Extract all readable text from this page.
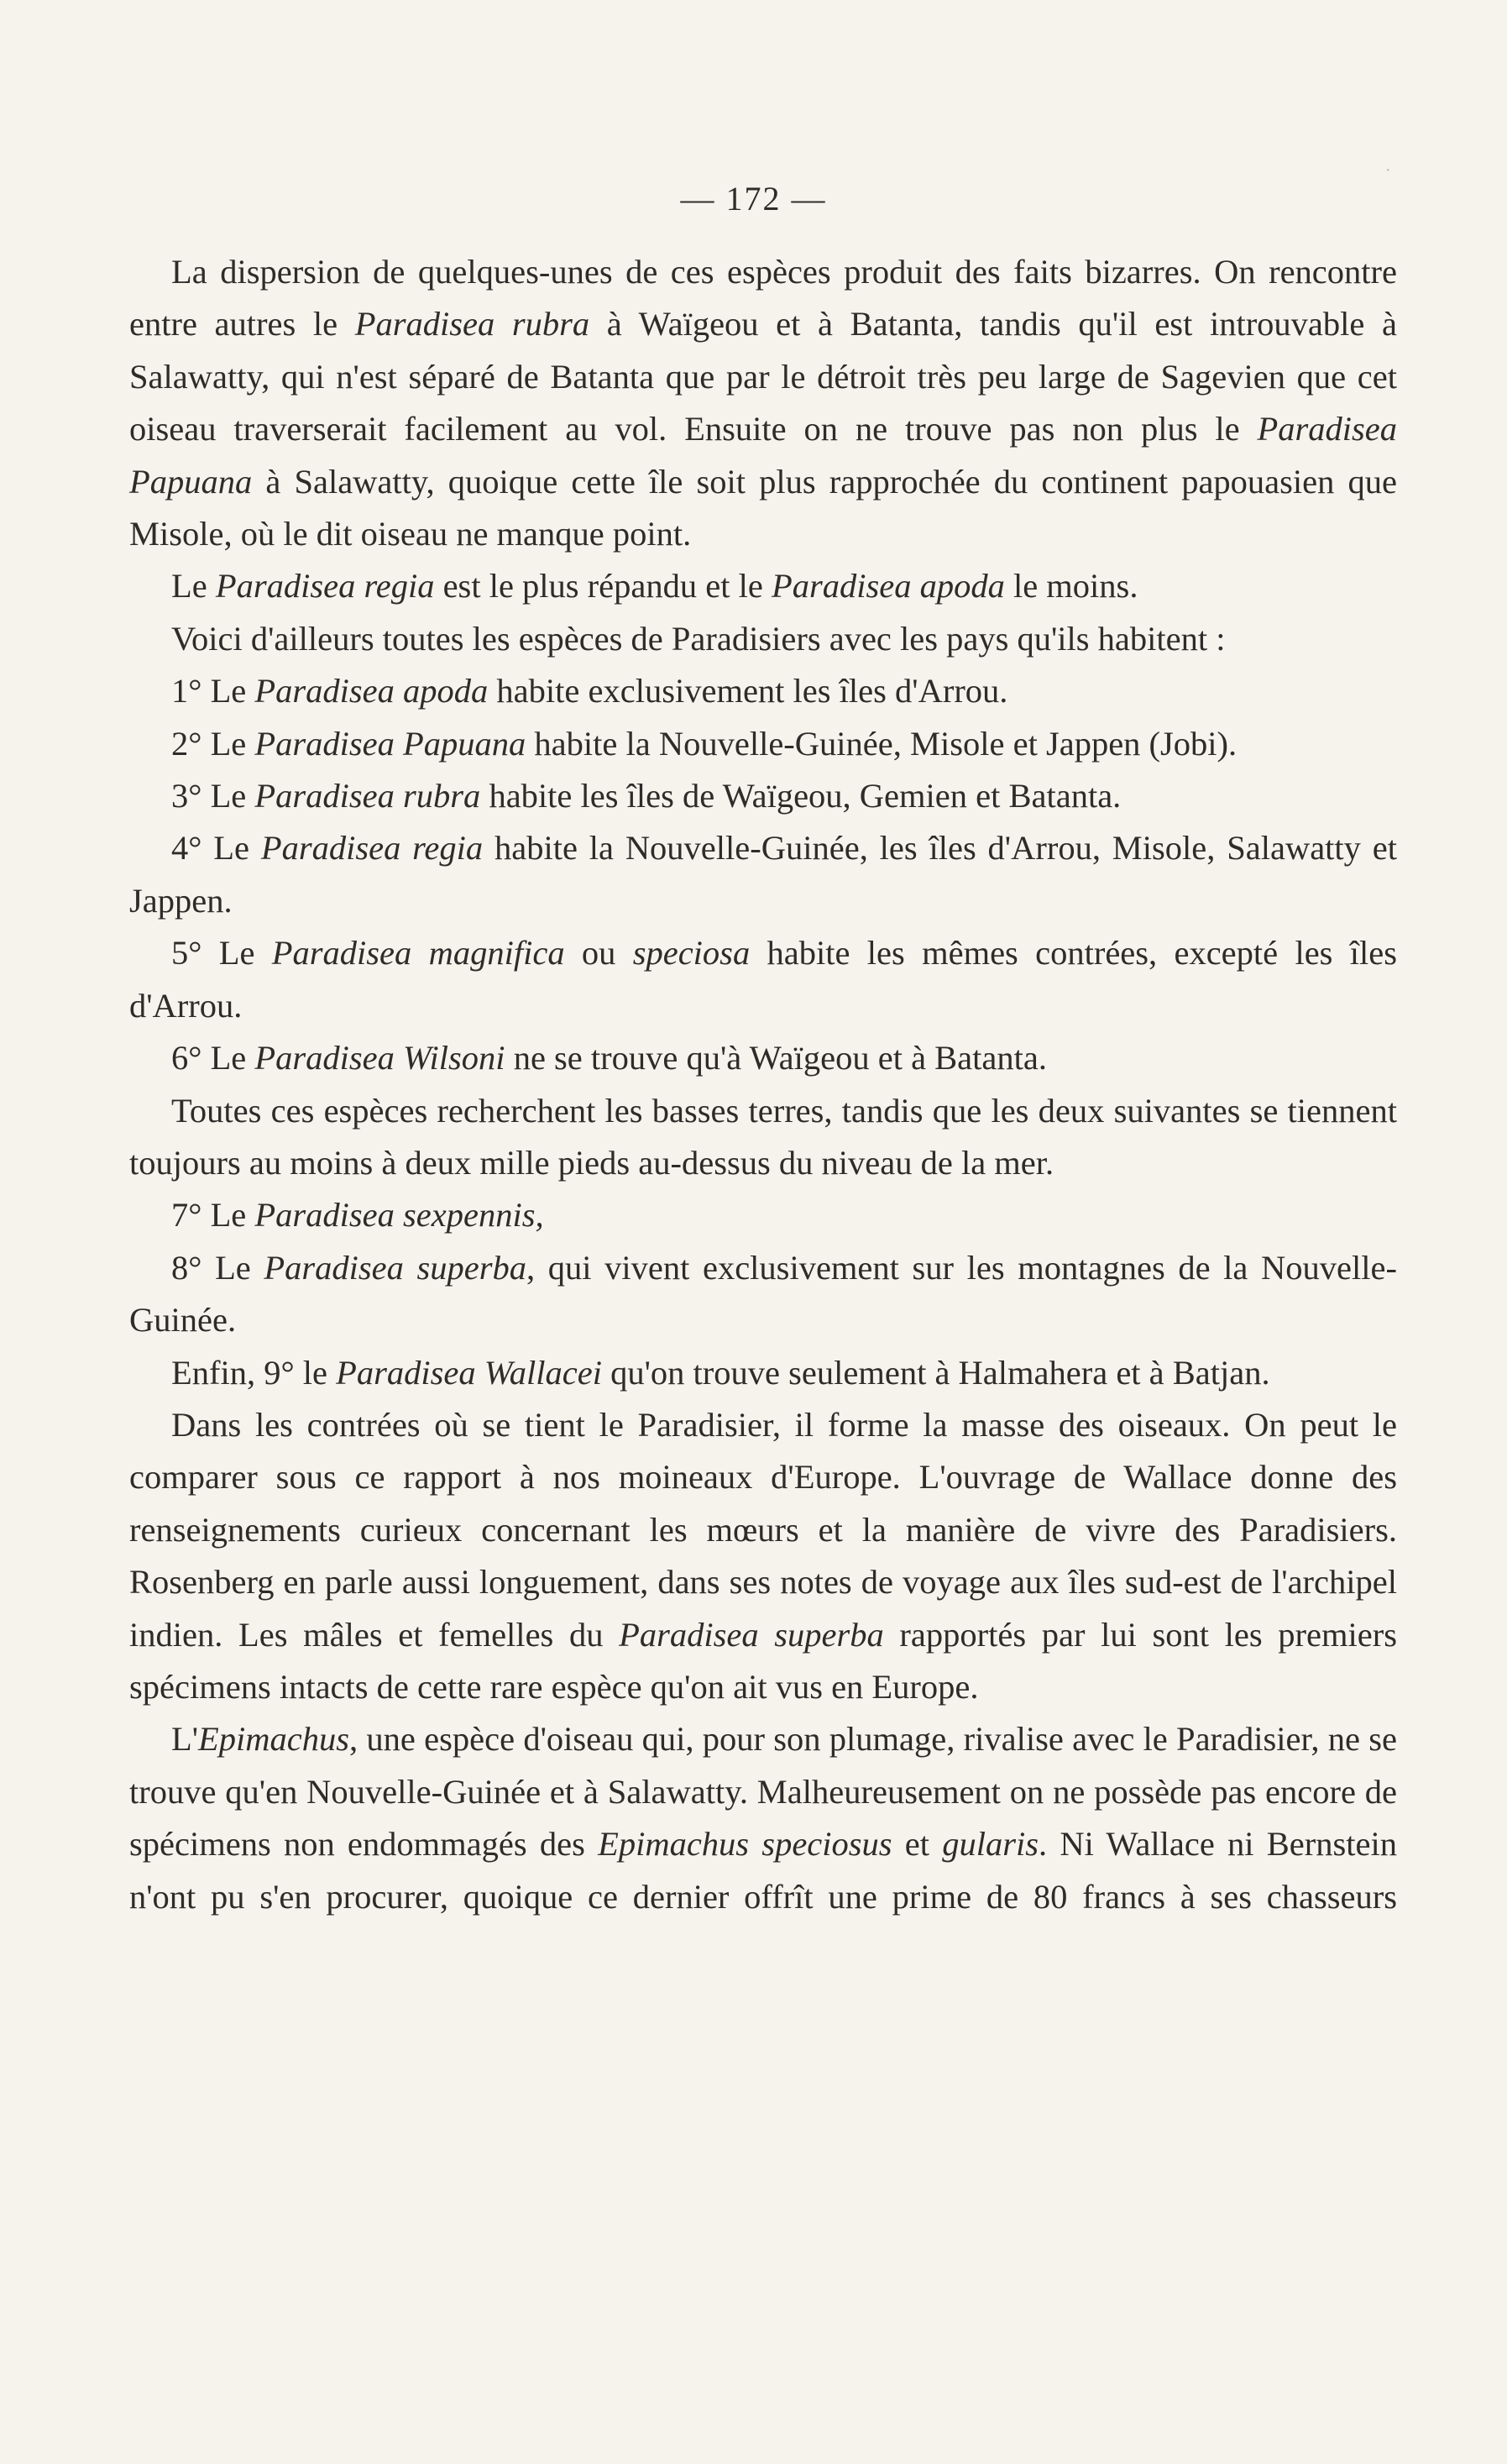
·
— 172 —

La dispersion de quelques-unes de ces espèces produit des faits bizarres. On rencontre entre autres le Paradisea rubra à Waïgeou et à Batanta, tandis qu'il est introuvable à Salawatty, qui n'est séparé de Batanta que par le détroit très peu large de Sagevien que cet oiseau traverserait facilement au vol. Ensuite on ne trouve pas non plus le Paradisea Papuana à Salawatty, quoique cette île soit plus rapprochée du continent papouasien que Misole, où le dit oiseau ne manque point.

Le Paradisea regia est le plus répandu et le Paradisea apoda le moins.

Voici d'ailleurs toutes les espèces de Paradisiers avec les pays qu'ils habitent :

1° Le Paradisea apoda habite exclusivement les îles d'Arrou.

2° Le Paradisea Papuana habite la Nouvelle-Guinée, Misole et Jappen (Jobi).

3° Le Paradisea rubra habite les îles de Waïgeou, Gemien et Batanta.

4° Le Paradisea regia habite la Nouvelle-Guinée, les îles d'Arrou, Misole, Salawatty et Jappen.

5° Le Paradisea magnifica ou speciosa habite les mêmes contrées, excepté les îles d'Arrou.

6° Le Paradisea Wilsoni ne se trouve qu'à Waïgeou et à Batanta.

Toutes ces espèces recherchent les basses terres, tandis que les deux suivantes se tiennent toujours au moins à deux mille pieds au-dessus du niveau de la mer.

7° Le Paradisea sexpennis,

8° Le Paradisea superba, qui vivent exclusivement sur les montagnes de la Nouvelle-Guinée.

Enfin, 9° le Paradisea Wallacei qu'on trouve seulement à Halmahera et à Batjan.

Dans les contrées où se tient le Paradisier, il forme la masse des oiseaux. On peut le comparer sous ce rapport à nos moineaux d'Europe. L'ouvrage de Wallace donne des renseignements curieux concernant les mœurs et la manière de vivre des Paradisiers. Rosenberg en parle aussi longuement, dans ses notes de voyage aux îles sud-est de l'archipel indien. Les mâles et femelles du Paradisea superba rapportés par lui sont les premiers spécimens intacts de cette rare espèce qu'on ait vus en Europe.

L'Epimachus, une espèce d'oiseau qui, pour son plumage, rivalise avec le Paradisier, ne se trouve qu'en Nouvelle-Guinée et à Salawatty. Malheureusement on ne possède pas encore de spécimens non endommagés des Epimachus speciosus et gularis. Ni Wallace ni Bernstein n'ont pu s'en procurer, quoique ce dernier offrît une prime de 80 francs à ses chasseurs
